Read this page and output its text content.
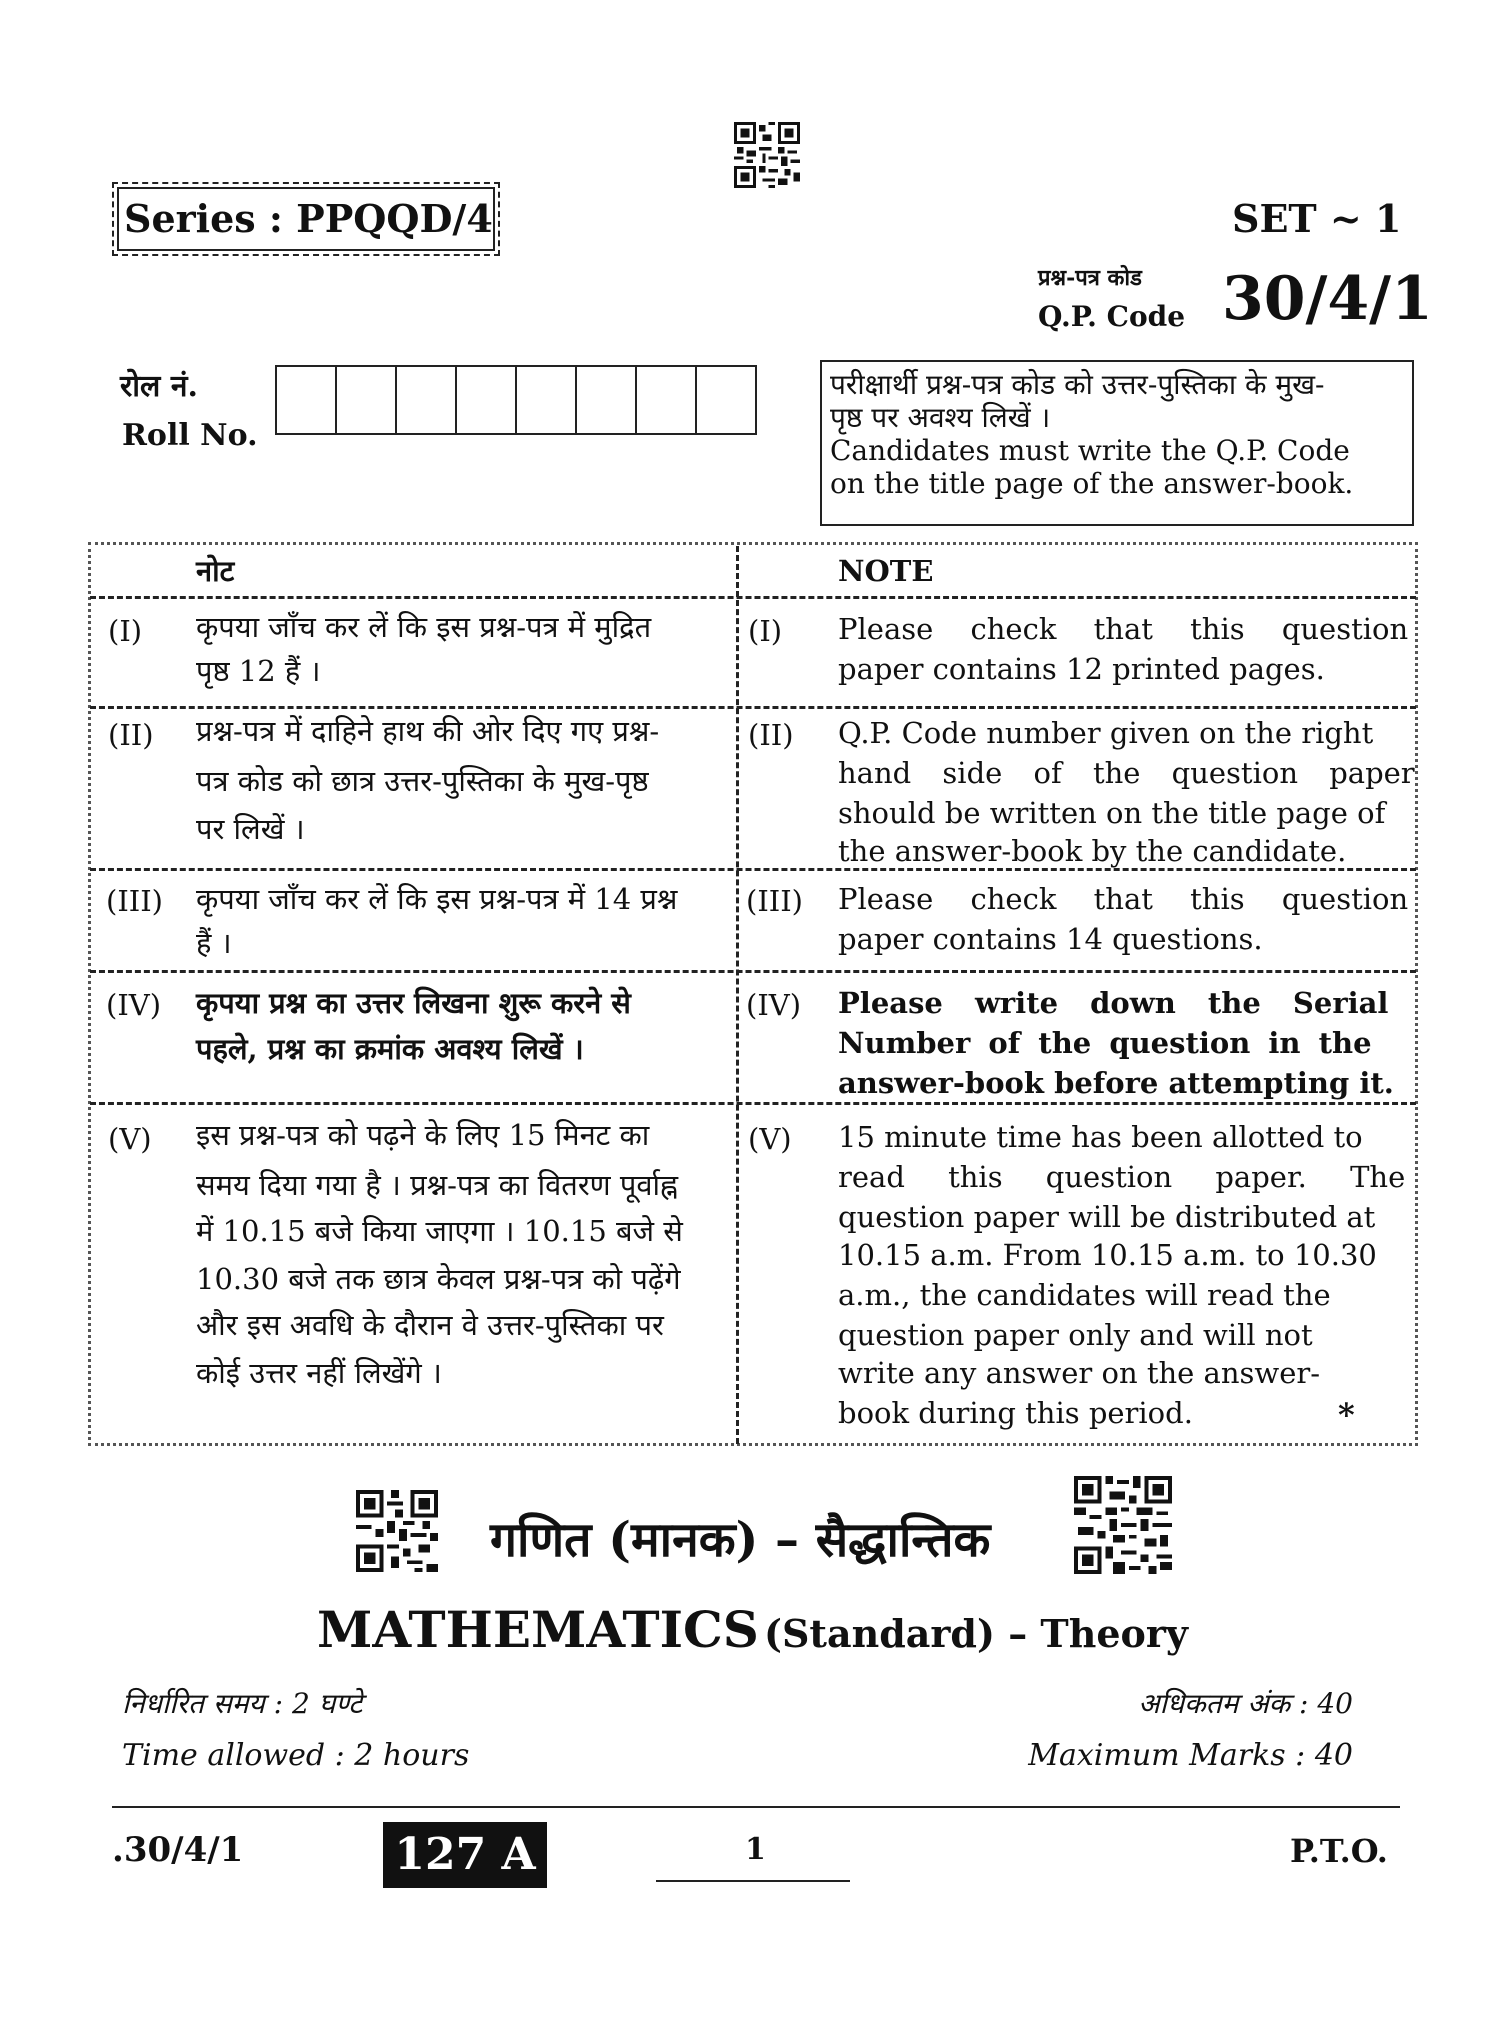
Series : PPQQD/4	SET ~ 1
प्रश्न-पत्र कोड
Q.P. Code 30/4/1
रोल नं.
Roll No.
परीक्षार्थी प्रश्न-पत्र कोड को उत्तर-पुस्तिका के मुख-
पृष्ठ पर अवश्य लिखें ।
Candidates must write the Q.P. Code
on the title page of the answer-book.
नोट	NOTE
(I) कृपया जाँच कर लें कि इस प्रश्न-पत्र में मुद्रित
पृष्ठ 12 हैं ।
(I) Please check that this question
paper contains 12 printed pages.
(II) प्रश्न-पत्र में दाहिने हाथ की ओर दिए गए प्रश्न-
पत्र कोड को छात्र उत्तर-पुस्तिका के मुख-पृष्ठ
पर लिखें ।
(II) Q.P. Code number given on the right
hand side of the question paper
should be written on the title page of
the answer-book by the candidate.
(III) कृपया जाँच कर लें कि इस प्रश्न-पत्र में 14 प्रश्न
हैं ।
(III) Please check that this question
paper contains 14 questions.
(IV) कृपया प्रश्न का उत्तर लिखना शुरू करने से
पहले, प्रश्न का क्रमांक अवश्य लिखें ।
(IV) Please write down the Serial
Number of the question in the
answer-book before attempting it.
(V) इस प्रश्न-पत्र को पढ़ने के लिए 15 मिनट का
समय दिया गया है । प्रश्न-पत्र का वितरण पूर्वाह्न
में 10.15 बजे किया जाएगा । 10.15 बजे से
10.30 बजे तक छात्र केवल प्रश्न-पत्र को पढ़ेंगे
और इस अवधि के दौरान वे उत्तर-पुस्तिका पर
कोई उत्तर नहीं लिखेंगे ।
(V) 15 minute time has been allotted to
read this question paper. The
question paper will be distributed at
10.15 a.m. From 10.15 a.m. to 10.30
a.m., the candidates will read the
question paper only and will not
write any answer on the answer-
book during this period.	*
गणित (मानक) – सैद्धान्तिक
MATHEMATICS (Standard) – Theory
निर्धारित समय : 2 घण्टे
Time allowed : 2 hours
अधिकतम अंक : 40
Maximum Marks : 40
.30/4/1	127 A	1	P.T.O.
